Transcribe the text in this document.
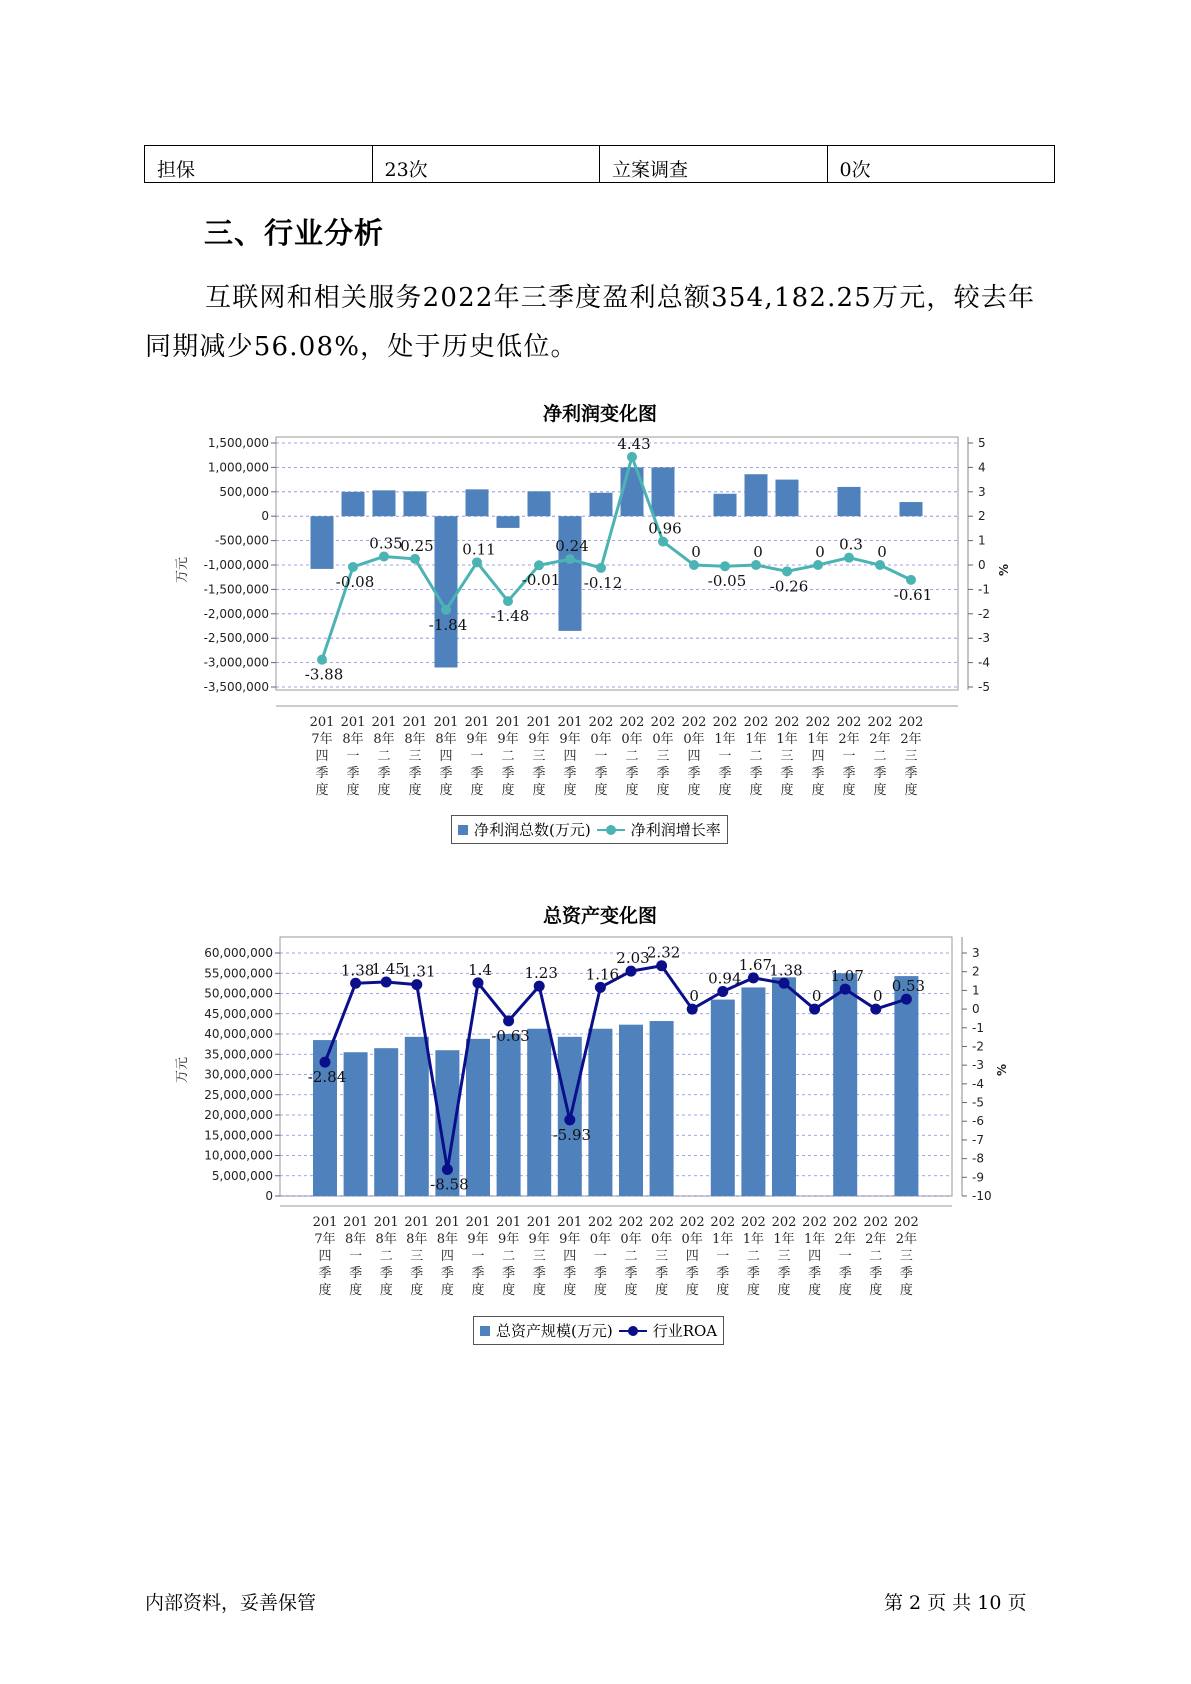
担保	23次	立案调查	0次
三、行业分析

互联网和相关服务2022年三季度盈利总额354,182.25万元，较去年同期减少56.08%，处于历史低位。

净利润变化图
1,500,000
1,000,000
500,000
0
-500,000
-1,000,000
-1,500,000
-2,000,000
-2,500,000
-3,000,000
-3,500,000
5
4
3
2
1
0
-1
-2
-3
-4
-5
万元	%
-3.88
-0.08
0.35
0.25
-1.84
0.11
-1.48
-0.01
0.24
-0.12
4.43
0.96
0
-0.05
0
-0.26
0 0.3 0
-0.61
201 7年四季度
201 8年一季度
201 8年二季度
201 8年三季度
201 8年四季度
201 9年一季度
201 9年二季度
201 9年三季度
201 9年四季度
202 0年一季度
202 0年二季度
202 0年三季度
202 0年四季度
202 1年一季度
202 1年二季度
202 1年三季度
202 1年四季度
202 2年一季度
202 2年二季度
202 2年三季度
净利润总数(万元)	净利润增长率
总资产变化图
60,000,000
55,000,000
50,000,000
45,000,000
40,000,000
35,000,000
30,000,000
25,000,000
20,000,000
15,000,000
10,000,000
5,000,000
0
3
2
1
0
-1
-2
-3
-4
-5
-6
-7
-8
-9
-10
万元	%
-2.84
1.38
1.45
1.31
-8.58
1.4
-0.63
1.23
-5.93
1.16
2.03
2.32
0
0.94
1.67
1.38
0
1.07
0
0.53
201 7年四季度
201 8年一季度
201 8年二季度
201 8年三季度
201 8年四季度
201 9年一季度
201 9年二季度
201 9年三季度
201 9年四季度
202 0年一季度
202 0年二季度
202 0年三季度
202 0年四季度
202 1年一季度
202 1年二季度
202 1年三季度
202 1年四季度
202 2年一季度
202 2年二季度
202 2年三季度
总资产规模(万元)	行业ROA
内部资料，妥善保管	第 2 页 共 10 页
